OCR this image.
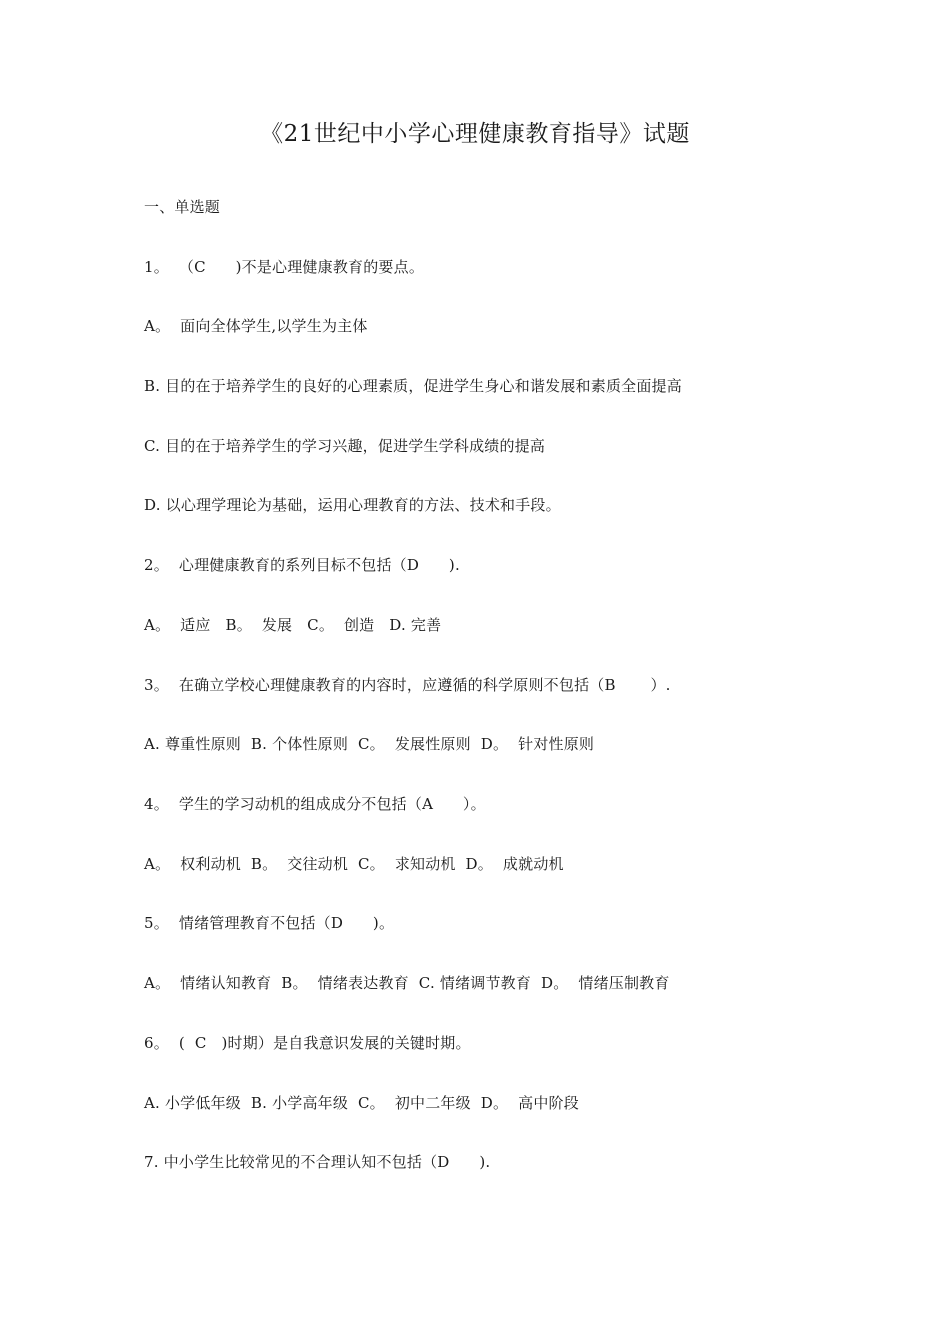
《21世纪中小学心理健康教育指导》试题
一、单选题
1。  （C      )不是心理健康教育的要点。
A。  面向全体学生,以学生为主体
B. 目的在于培养学生的良好的心理素质，促进学生身心和谐发展和素质全面提高
C. 目的在于培养学生的学习兴趣，促进学生学科成绩的提高
D. 以心理学理论为基础，运用心理教育的方法、技术和手段。
2。  心理健康教育的系列目标不包括（D      ).
A。  适应   B。  发展   C。  创造   D. 完善
3。  在确立学校心理健康教育的内容时，应遵循的科学原则不包括（B       ）.
A. 尊重性原则  B. 个体性原则  C。  发展性原则  D。  针对性原则
4。  学生的学习动机的组成成分不包括（A      ）。
A。  权利动机  B。  交往动机  C。  求知动机  D。  成就动机
5。  情绪管理教育不包括（D      )。
A。  情绪认知教育  B。  情绪表达教育  C. 情绪调节教育  D。  情绪压制教育
6。  (  C   )时期）是自我意识发展的关键时期。
A. 小学低年级  B. 小学高年级  C。  初中二年级  D。  高中阶段
7. 中小学生比较常见的不合理认知不包括（D      ).
